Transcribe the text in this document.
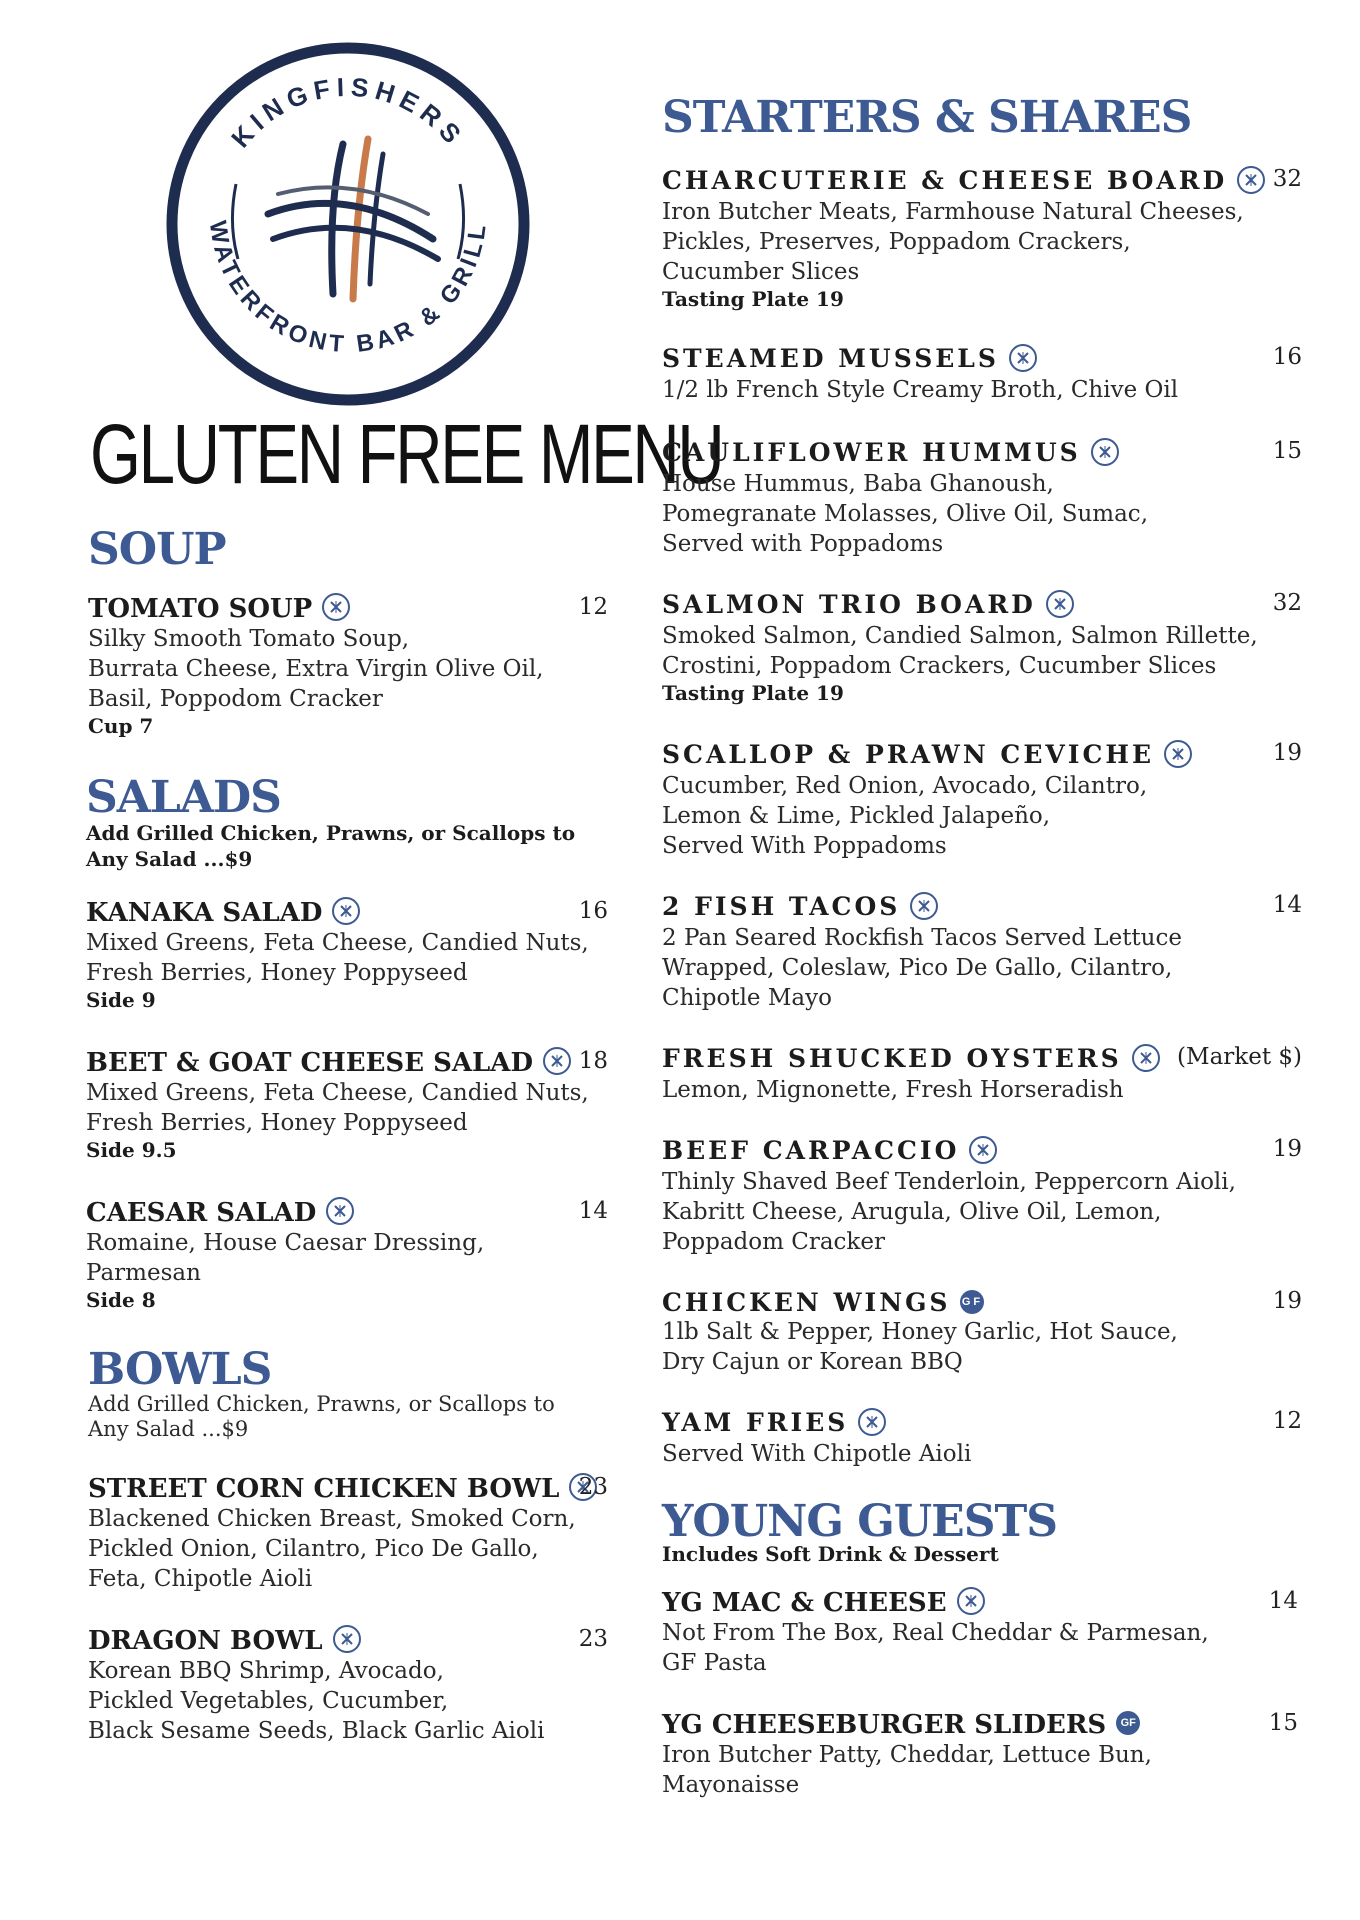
KINGFISHERS
WATERFRONT BAR & GRILL
GLUTEN FREE MENU
SOUP
TOMATO SOUP	12
Silky Smooth Tomato Soup,
Burrata Cheese, Extra Virgin Olive Oil,
Basil, Poppodom Cracker
Cup 7
SALADS
Add Grilled Chicken, Prawns, or Scallops to
Any Salad ...$9
KANAKA SALAD	16
Mixed Greens, Feta Cheese, Candied Nuts,
Fresh Berries, Honey Poppyseed
Side 9
BEET & GOAT CHEESE SALAD	18
Mixed Greens, Feta Cheese, Candied Nuts,
Fresh Berries, Honey Poppyseed
Side 9.5
CAESAR SALAD	14
Romaine, House Caesar Dressing,
Parmesan
Side 8
BOWLS
Add Grilled Chicken, Prawns, or Scallops to
Any Salad ...$9
STREET CORN CHICKEN BOWL 23
Blackened Chicken Breast, Smoked Corn,
Pickled Onion, Cilantro, Pico De Gallo,
Feta, Chipotle Aioli
DRAGON BOWL	23
Korean BBQ Shrimp, Avocado,
Pickled Vegetables, Cucumber,
Black Sesame Seeds, Black Garlic Aioli
STARTERS & SHARES
CHARCUTERIE & CHEESE BOARD	32
Iron Butcher Meats, Farmhouse Natural Cheeses,
Pickles, Preserves, Poppadom Crackers,
Cucumber Slices
Tasting Plate 19
STEAMED MUSSELS	16
1/2 lb French Style Creamy Broth, Chive Oil
CAULIFLOWER HUMMUS	15
House Hummus, Baba Ghanoush,
Pomegranate Molasses, Olive Oil, Sumac,
Served with Poppadoms
SALMON TRIO BOARD	32
Smoked Salmon, Candied Salmon, Salmon Rillette,
Crostini, Poppadom Crackers, Cucumber Slices
Tasting Plate 19
SCALLOP & PRAWN CEVICHE	19
Cucumber, Red Onion, Avocado, Cilantro,
Lemon & Lime, Pickled Jalapeño,
Served With Poppadoms
2 FISH TACOS	14
2 Pan Seared Rockfish Tacos Served Lettuce
Wrapped, Coleslaw, Pico De Gallo, Cilantro,
Chipotle Mayo
FRESH SHUCKED OYSTERS	(Market $)
Lemon, Mignonette, Fresh Horseradish
BEEF CARPACCIO	19
Thinly Shaved Beef Tenderloin, Peppercorn Aioli,
Kabritt Cheese, Arugula, Olive Oil, Lemon,
Poppadom Cracker
CHICKEN WINGS GF	19
1lb Salt & Pepper, Honey Garlic, Hot Sauce,
Dry Cajun or Korean BBQ
YAM FRIES	12
Served With Chipotle Aioli
YOUNG GUESTS
Includes Soft Drink & Dessert
YG MAC & CHEESE	14
Not From The Box, Real Cheddar & Parmesan,
GF Pasta
YG CHEESEBURGER SLIDERS GF	15
Iron Butcher Patty, Cheddar, Lettuce Bun,
Mayonaisse
